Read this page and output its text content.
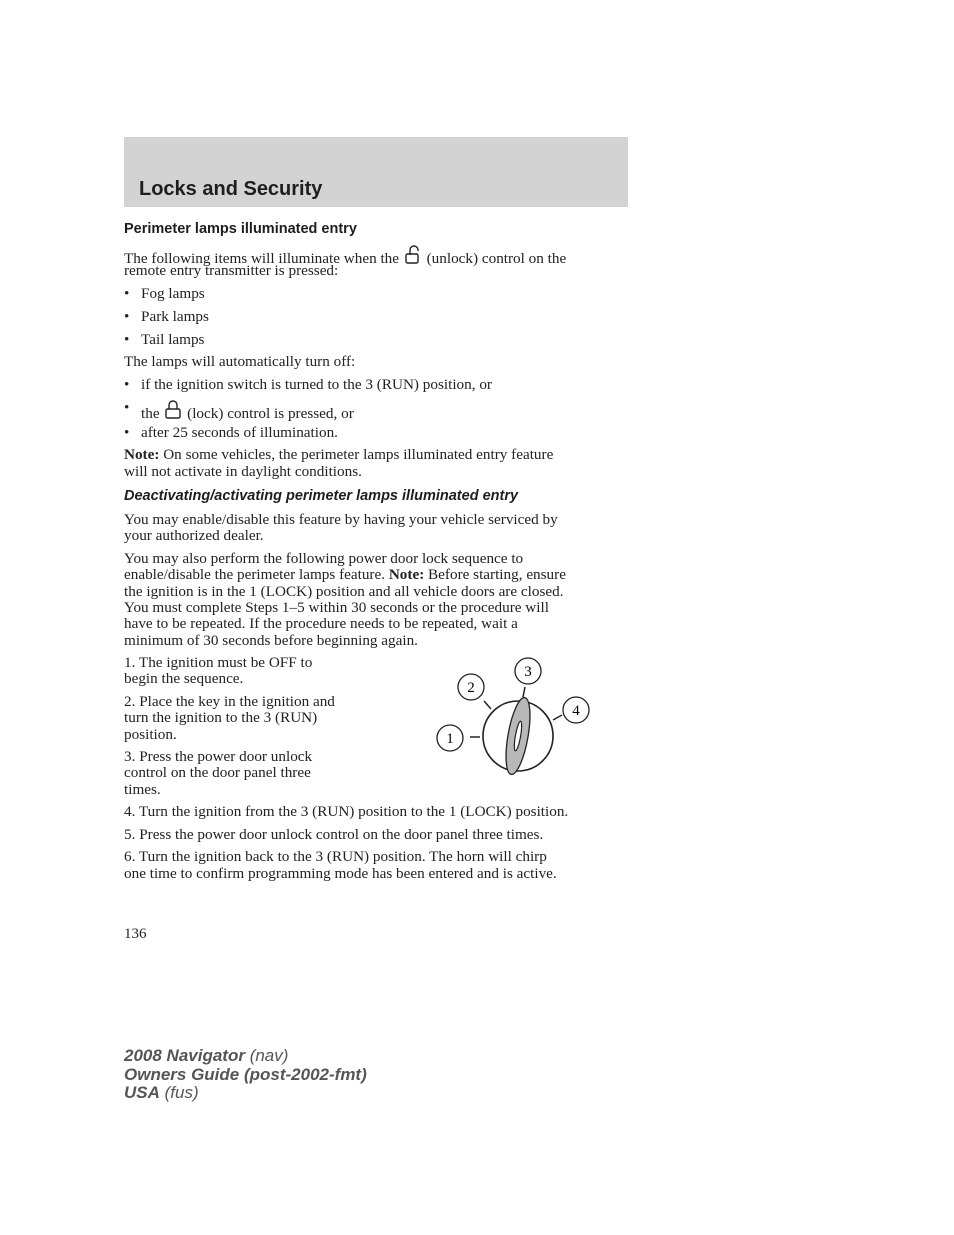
Locks and Security
Perimeter lamps illuminated entry
The following items will illuminate when the (unlock) control on the
remote entry transmitter is pressed:
• Fog lamps
• Park lamps
• Tail lamps
The lamps will automatically turn off:
• if the ignition switch is turned to the 3 (RUN) position, or
• the (lock) control is pressed, or
• after 25 seconds of illumination.
Note: On some vehicles, the perimeter lamps illuminated entry feature
will not activate in daylight conditions.
Deactivating/activating perimeter lamps illuminated entry
You may enable/disable this feature by having your vehicle serviced by
your authorized dealer.
You may also perform the following power door lock sequence to
enable/disable the perimeter lamps feature. Note: Before starting, ensure
the ignition is in the 1 (LOCK) position and all vehicle doors are closed.
You must complete Steps 1–5 within 30 seconds or the procedure will
have to be repeated. If the procedure needs to be repeated, wait a
minimum of 30 seconds before beginning again.
1. The ignition must be OFF to
begin the sequence.
2. Place the key in the ignition and
turn the ignition to the 3 (RUN)
position.
3. Press the power door unlock
control on the door panel three
times.
4. Turn the ignition from the 3 (RUN) position to the 1 (LOCK) position.
5. Press the power door unlock control on the door panel three times.
6. Turn the ignition back to the 3 (RUN) position. The horn will chirp
one time to confirm programming mode has been entered and is active.
1
2
3
4
136
2008 Navigator (nav)
Owners Guide (post-2002-fmt)
USA (fus)
